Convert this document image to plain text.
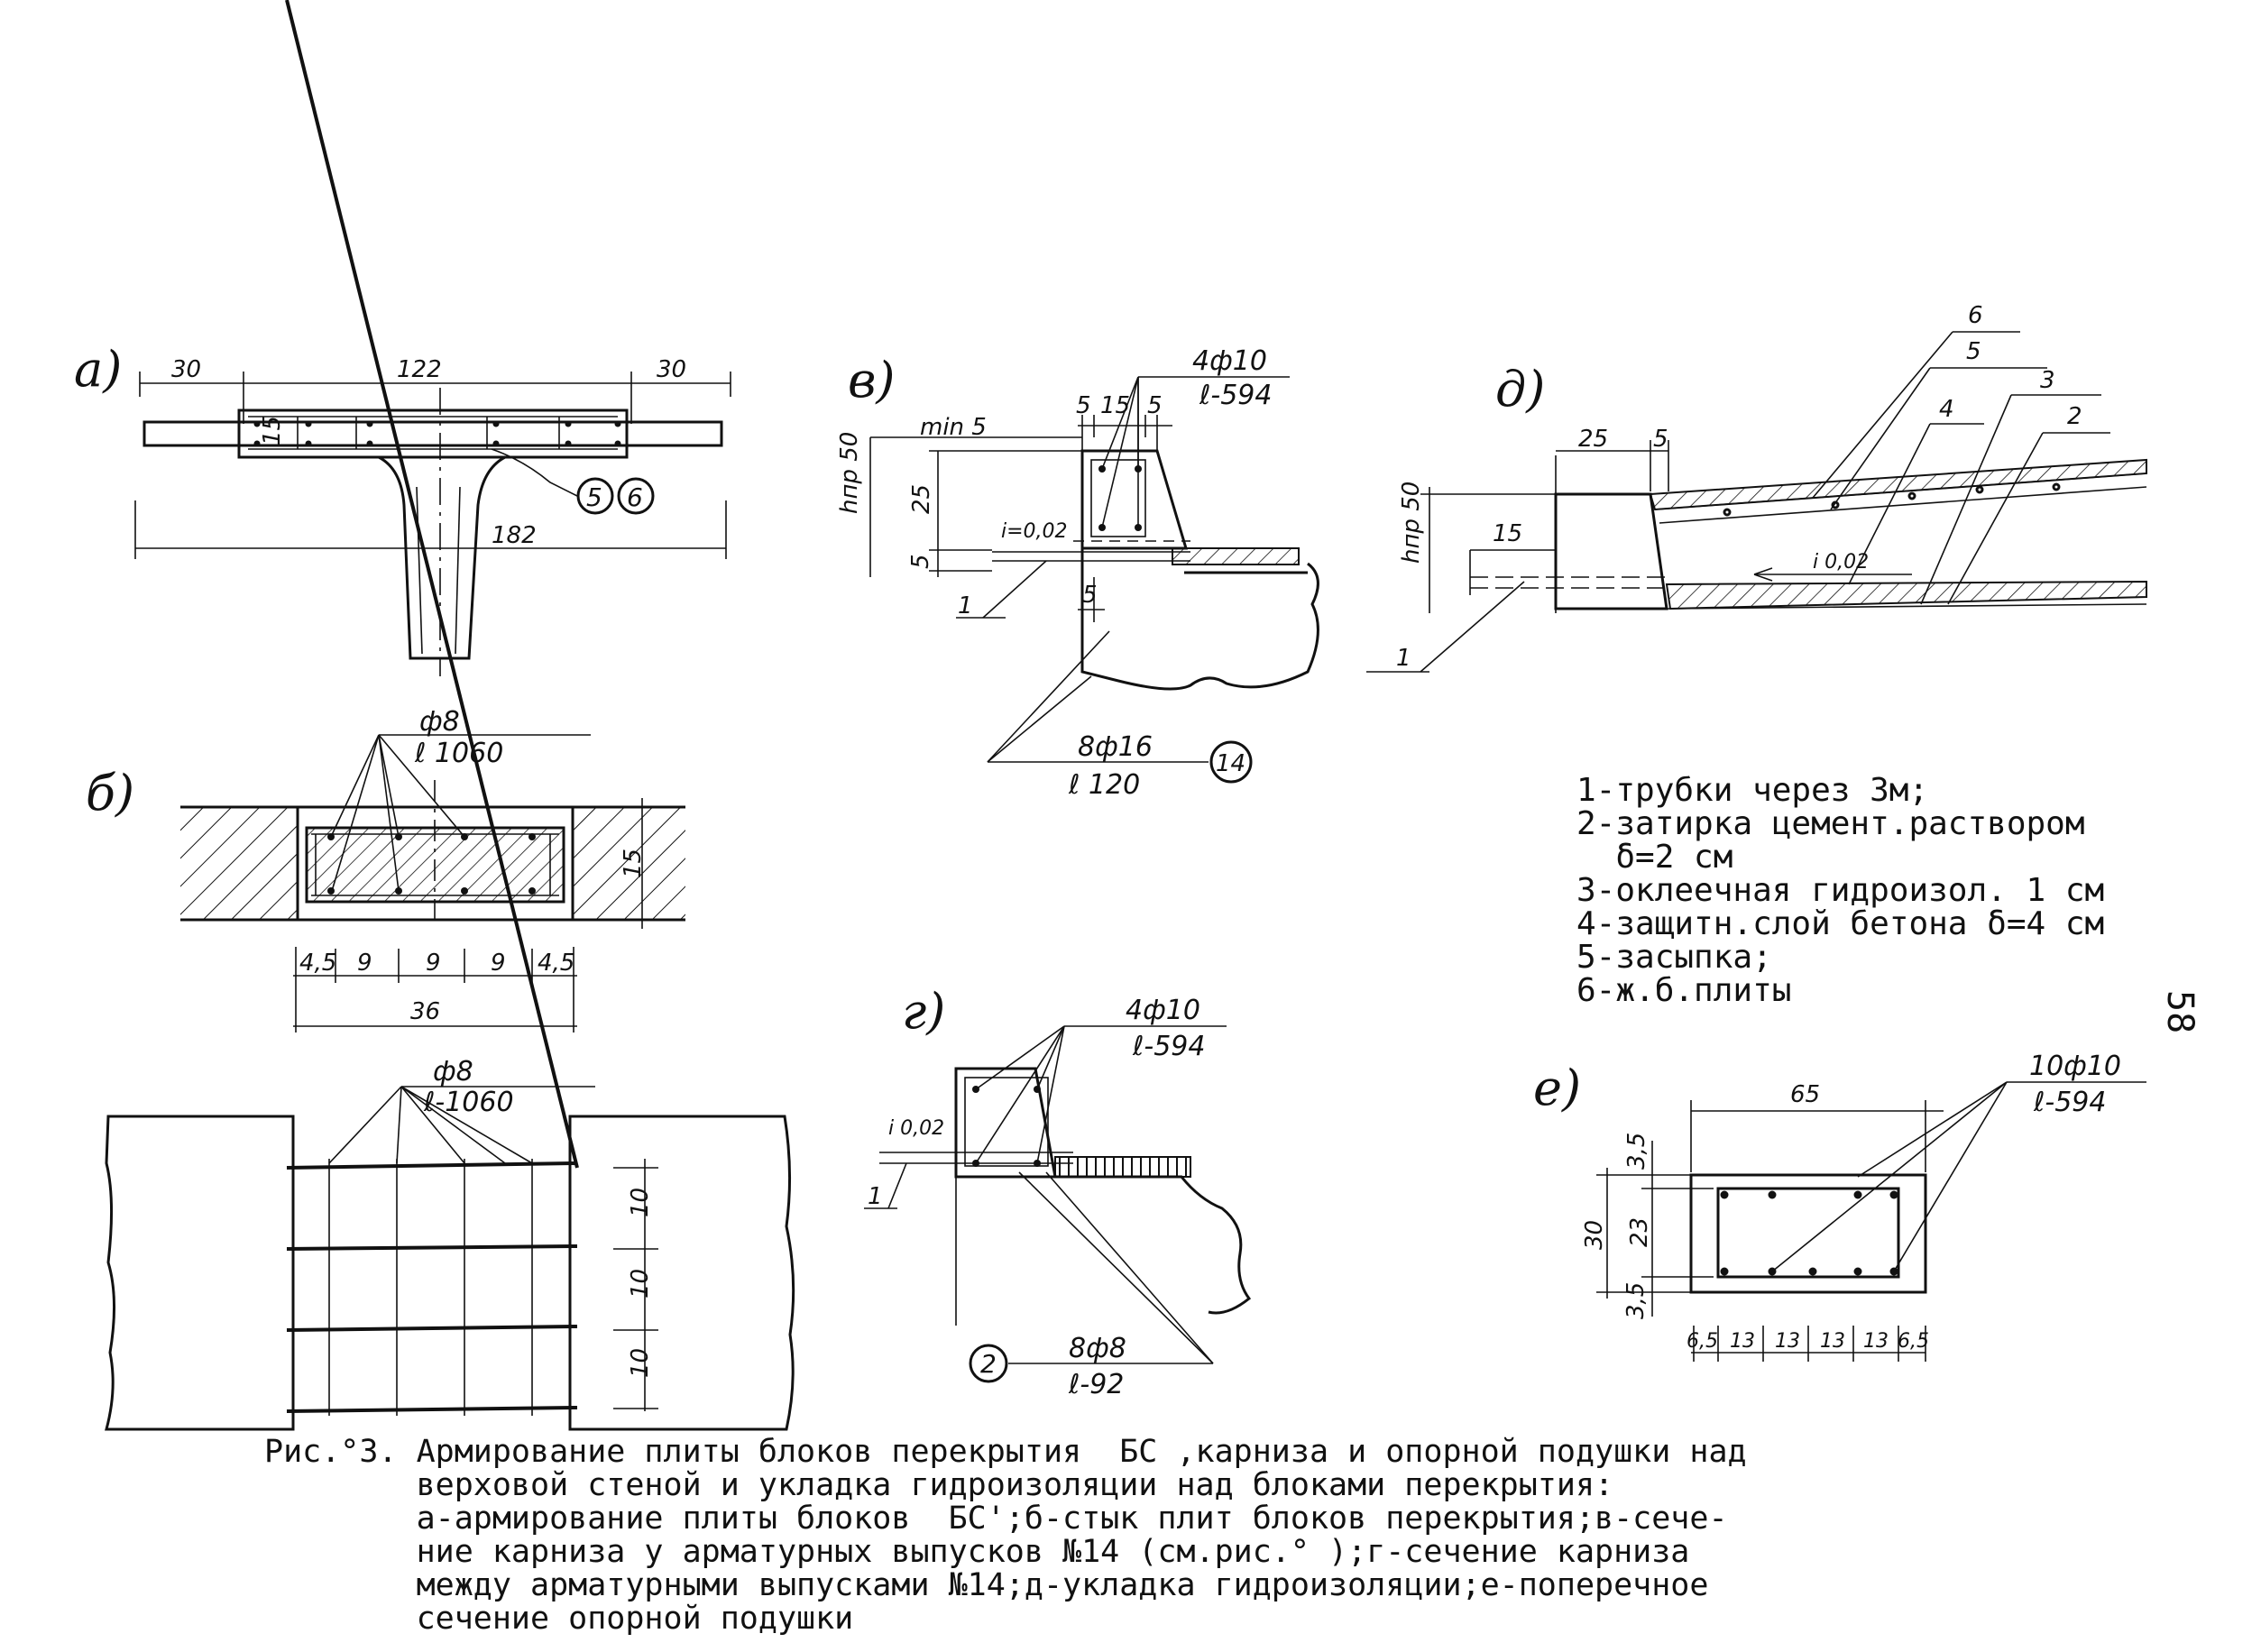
а) 30	122	30
15
182
5 6
б)
ф8
ℓ 1060
15
4,5 9 9 9 4,5
36
ф8
ℓ-1060
10
10
10
в)
i=0,02
5 15 5
4ф10
ℓ-594
min 5
hпр 50 25
5
5
1
8ф16
ℓ 120
14
г)
i 0,02
4ф10
ℓ-594
1
2	8ф8
ℓ-92
д)
25 5
15
hпр 50	i 0,02
1
6
5
4
3
2
е)	10ф10
ℓ-594
65
3,5
23
3,5
30
6,5 13 13 13 13 6,5
1-трубки через 3м;
2-затирка цемент.раствором
δ=2 см
3-оклеечная гидроизол. 1 см
4-защитн.слой бетона δ=4 см
5-засыпка;
6-ж.б.плиты
Рис.°3. Армирование плиты блоков перекрытия  БС ,карниза и опорной подушки над
верховой стеной и укладка гидроизоляции над блоками перекрытия:
а-армирование плиты блоков  БС';б-стык плит блоков перекрытия;в-сече-
ние карниза у арматурных выпусков №14 (см.рис.° );г-сечение карниза
между арматурными выпусками №14;д-укладка гидроизоляции;е-поперечное
сечение опорной подушки
58
